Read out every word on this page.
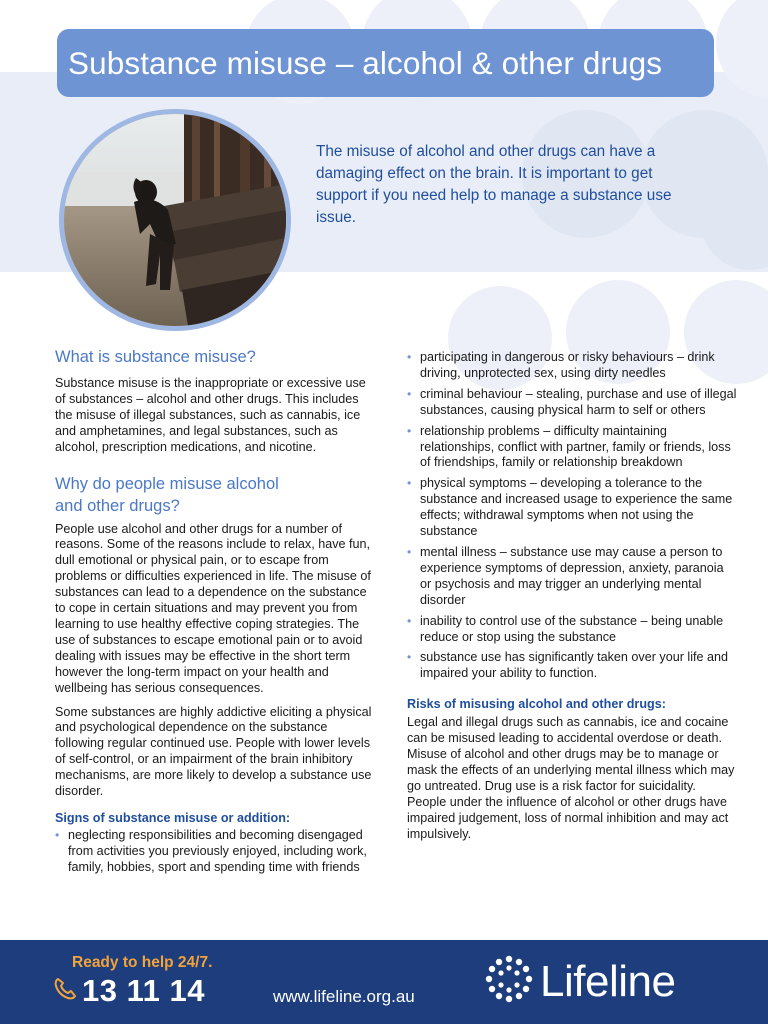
Substance misuse – alcohol & other drugs

The misuse of alcohol and other drugs can have a damaging effect on the brain. It is important to get support if you need help to manage a substance use issue.

What is substance misuse?

Substance misuse is the inappropriate or excessive use of substances – alcohol and other drugs. This includes the misuse of illegal substances, such as cannabis, ice and amphetamines, and legal substances, such as alcohol, prescription medications, and nicotine.

Why do people misuse alcohol
and other drugs?

People use alcohol and other drugs for a number of reasons. Some of the reasons include to relax, have fun, dull emotional or physical pain, or to escape from problems or difficulties experienced in life. The misuse of substances can lead to a dependence on the substance to cope in certain situations and may prevent you from learning to use healthy effective coping strategies. The use of substances to escape emotional pain or to avoid dealing with issues may be effective in the short term however the long-term impact on your health and wellbeing has serious consequences.

Some substances are highly addictive eliciting a physical and psychological dependence on the substance following regular continued use. People with lower levels of self-control, or an impairment of the brain inhibitory mechanisms, are more likely to develop a substance use disorder.

Signs of substance misuse or addition:
• neglecting responsibilities and becoming disengaged from activities you previously enjoyed, including work, family, hobbies, sport and spending time with friends
• participating in dangerous or risky behaviours – drink driving, unprotected sex, using dirty needles
• criminal behaviour – stealing, purchase and use of illegal substances, causing physical harm to self or others
• relationship problems – difficulty maintaining relationships, conflict with partner, family or friends, loss of friendships, family or relationship breakdown
• physical symptoms – developing a tolerance to the substance and increased usage to experience the same effects; withdrawal symptoms when not using the substance
• mental illness – substance use may cause a person to experience symptoms of depression, anxiety, paranoia or psychosis and may trigger an underlying mental disorder
• inability to control use of the substance – being unable reduce or stop using the substance
• substance use has significantly taken over your life and impaired your ability to function.
Risks of misusing alcohol and other drugs:

Legal and illegal drugs such as cannabis, ice and cocaine can be misused leading to accidental overdose or death. Misuse of alcohol and other drugs may be to manage or mask the effects of an underlying mental illness which may go untreated. Drug use is a risk factor for suicidality. People under the influence of alcohol or other drugs have impaired judgement, loss of normal inhibition and may act impulsively.

Ready to help 24/7.
13 11 14	www.lifeline.org.au	Lifeline
